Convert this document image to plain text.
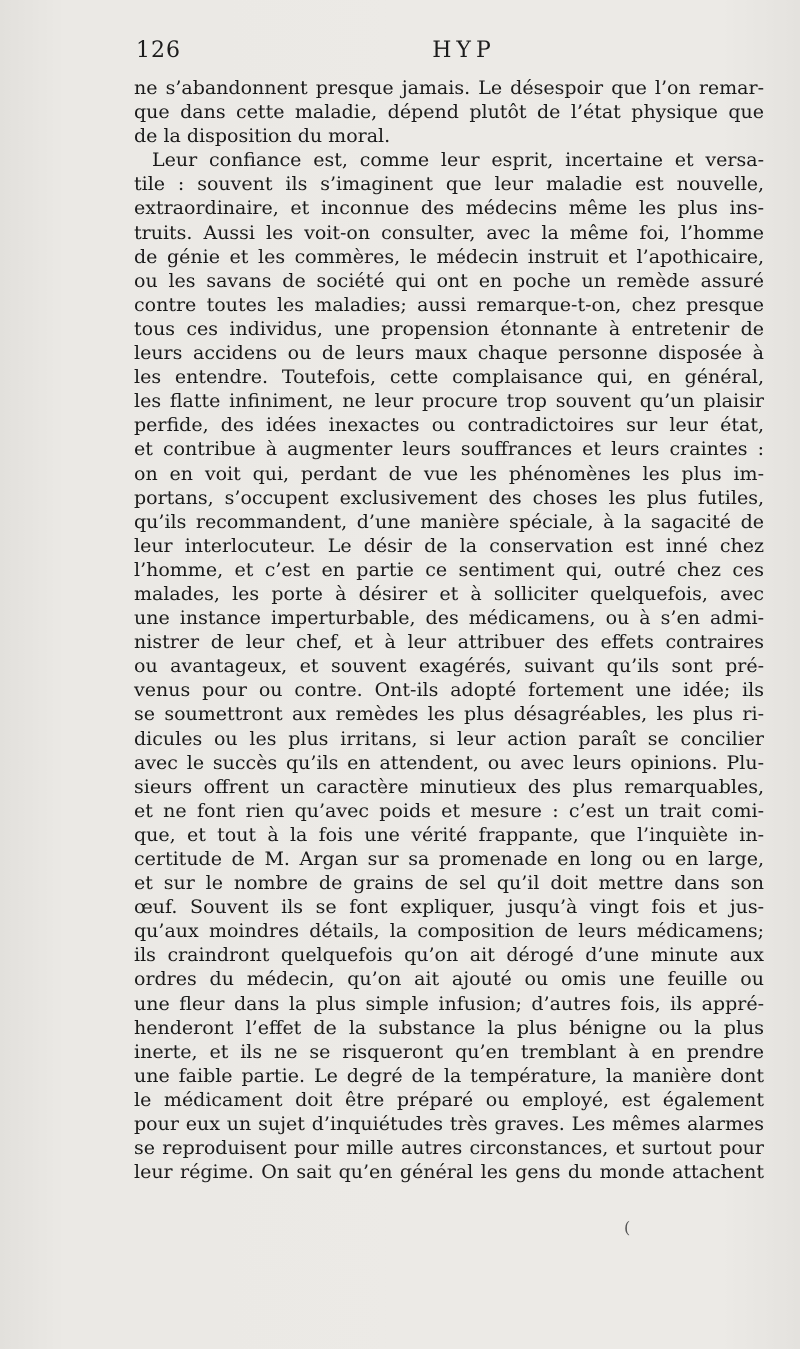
126	HYP
ne s’abandonnent presque jamais. Le désespoir que l’on remar-
que dans cette maladie, dépend plutôt de l’état physique que
de la disposition du moral.
Leur confiance est, comme leur esprit, incertaine et versa-
tile : souvent ils s’imaginent que leur maladie est nouvelle,
extraordinaire, et inconnue des médecins même les plus ins-
truits. Aussi les voit-on consulter, avec la même foi, l’homme
de génie et les commères, le médecin instruit et l’apothicaire,
ou les savans de société qui ont en poche un remède assuré
contre toutes les maladies; aussi remarque-t-on, chez presque
tous ces individus, une propension étonnante à entretenir de
leurs accidens ou de leurs maux chaque personne disposée à
les entendre. Toutefois, cette complaisance qui, en général,
les flatte infiniment, ne leur procure trop souvent qu’un plaisir
perfide, des idées inexactes ou contradictoires sur leur état,
et contribue à augmenter leurs souffrances et leurs craintes :
on en voit qui, perdant de vue les phénomènes les plus im-
portans, s’occupent exclusivement des choses les plus futiles,
qu’ils recommandent, d’une manière spéciale, à la sagacité de
leur interlocuteur. Le désir de la conservation est inné chez
l’homme, et c’est en partie ce sentiment qui, outré chez ces
malades, les porte à désirer et à solliciter quelquefois, avec
une instance imperturbable, des médicamens, ou à s’en admi-
nistrer de leur chef, et à leur attribuer des effets contraires
ou avantageux, et souvent exagérés, suivant qu’ils sont pré-
venus pour ou contre. Ont-ils adopté fortement une idée; ils
se soumettront aux remèdes les plus désagréables, les plus ri-
dicules ou les plus irritans, si leur action paraît se concilier
avec le succès qu’ils en attendent, ou avec leurs opinions. Plu-
sieurs offrent un caractère minutieux des plus remarquables,
et ne font rien qu’avec poids et mesure : c’est un trait comi-
que, et tout à la fois une vérité frappante, que l’inquiète in-
certitude de M. Argan sur sa promenade en long ou en large,
et sur le nombre de grains de sel qu’il doit mettre dans son
œuf. Souvent ils se font expliquer, jusqu’à vingt fois et jus-
qu’aux moindres détails, la composition de leurs médicamens;
ils craindront quelquefois qu’on ait dérogé d’une minute aux
ordres du médecin, qu’on ait ajouté ou omis une feuille ou
une fleur dans la plus simple infusion; d’autres fois, ils appré-
henderont l’effet de la substance la plus bénigne ou la plus
inerte, et ils ne se risqueront qu’en tremblant à en prendre
une faible partie. Le degré de la température, la manière dont
le médicament doit être préparé ou employé, est également
pour eux un sujet d’inquiétudes très graves. Les mêmes alarmes
se reproduisent pour mille autres circonstances, et surtout pour
leur régime. On sait qu’en général les gens du monde attachent
(
